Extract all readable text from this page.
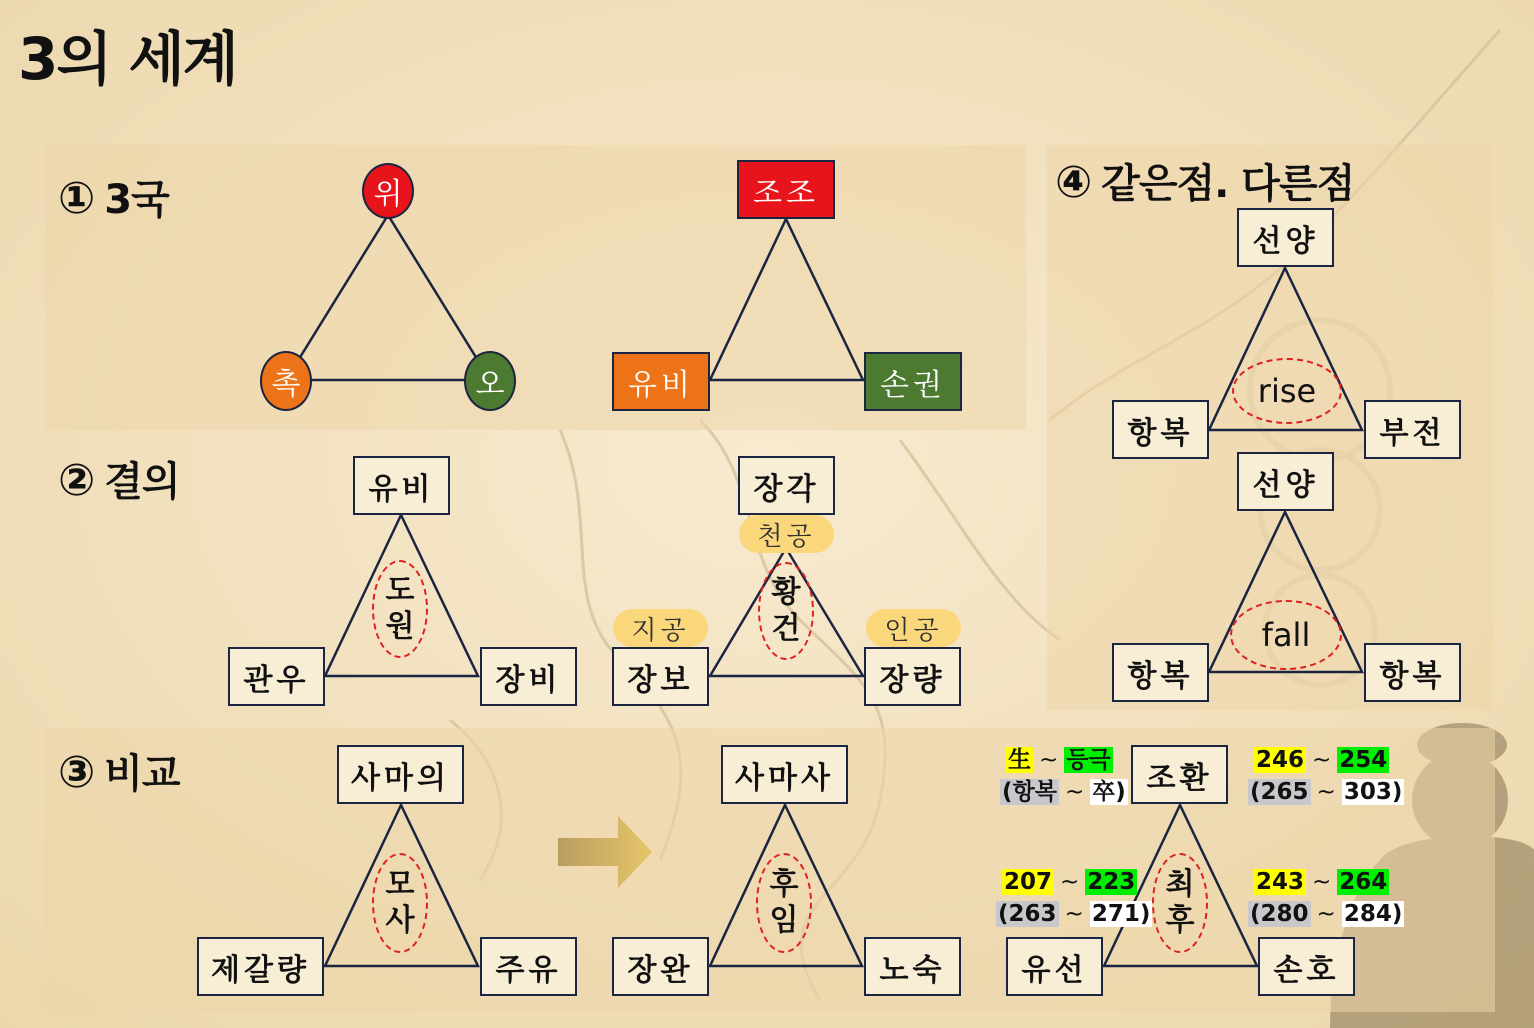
3의 세계
① 3국
② 결의
③ 비교
④ 같은점. 다른점
위
촉	오
조조
유비	손권
유비
관우	장비
도
원
장각
장보	장량
천공
지공	인공
황
건
사마의
제갈량	주유
모
사
사마사
장완	노숙
후
임
조환
유선	손호
최
후
生 ~ 등극
(항복 ~ 卒)
246 ~ 254
(265 ~ 303)
207 ~ 223
(263 ~ 271)
243 ~ 264
(280 ~ 284)
선양
항복	부전
rise
선양
항복	항복
fall
